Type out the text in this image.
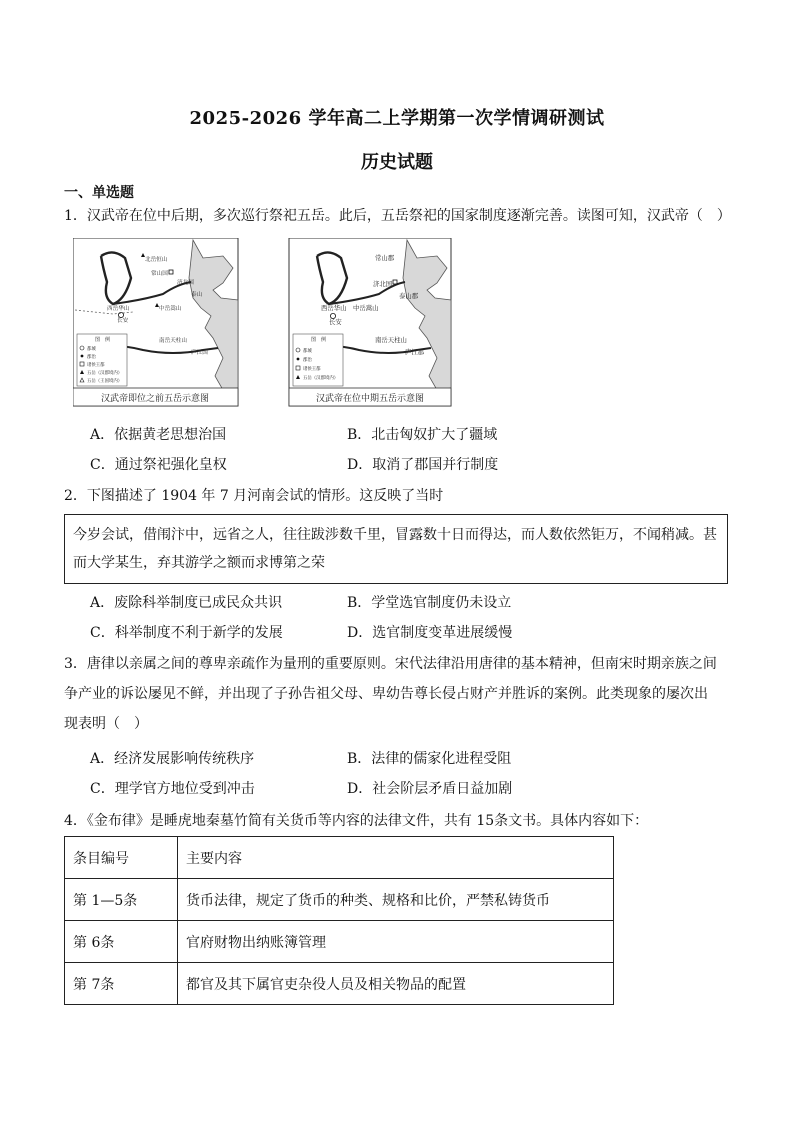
2025-2026 学年高二上学期第一次学情调研测试
历史试题
一、单选题
1．汉武帝在位中后期，多次巡行祭祀五岳。此后，五岳祭祀的国家制度逐渐完善。读图可知，汉武帝（　）
北岳恒山
常山国
济北国
泰山
中岳嵩山
西岳华山
长安
南岳天柱山
庐江国
图　例
都城
郡治
诸侯王都
五岳（汉郡境内）
五岳（王国境内）
汉武帝即位之前五岳示意图
常山郡
济北国
泰山郡
中岳嵩山
西岳华山
长安
南岳天柱山
庐江郡
图　例
都城
郡治
诸侯王都
五岳（汉郡境内）
汉武帝在位中期五岳示意图
A．依据黄老思想治国	B．北击匈奴扩大了疆域
C．通过祭祀强化皇权	D．取消了郡国并行制度
2．下图描述了 1904 年 7 月河南会试的情形。这反映了当时
今岁会试，借闱汴中，远省之人，往往跋涉数千里，冒露数十日而得达，而人数依然钜万，不闻稍减。甚
而大学某生，弃其游学之额而求博第之荣
A．废除科举制度已成民众共识	B．学堂选官制度仍未设立
C．科举制度不利于新学的发展	D．选官制度变革进展缓慢
3．唐律以亲属之间的尊卑亲疏作为量刑的重要原则。宋代法律沿用唐律的基本精神，但南宋时期亲族之间
争产业的诉讼屡见不鲜，并出现了子孙告祖父母、卑幼告尊长侵占财产并胜诉的案例。此类现象的屡次出
现表明（　）
A．经济发展影响传统秩序	B．法律的儒家化进程受阻
C．理学官方地位受到冲击	D．社会阶层矛盾日益加剧
4．《金布律》是睡虎地秦墓竹简有关货币等内容的法律文件，共有 15条文书。具体内容如下：
条目编号	主要内容
第 1—5条	货币法律，规定了货币的种类、规格和比价，严禁私铸货币
第 6条	官府财物出纳账簿管理
第 7条	都官及其下属官吏杂役人员及相关物品的配置
